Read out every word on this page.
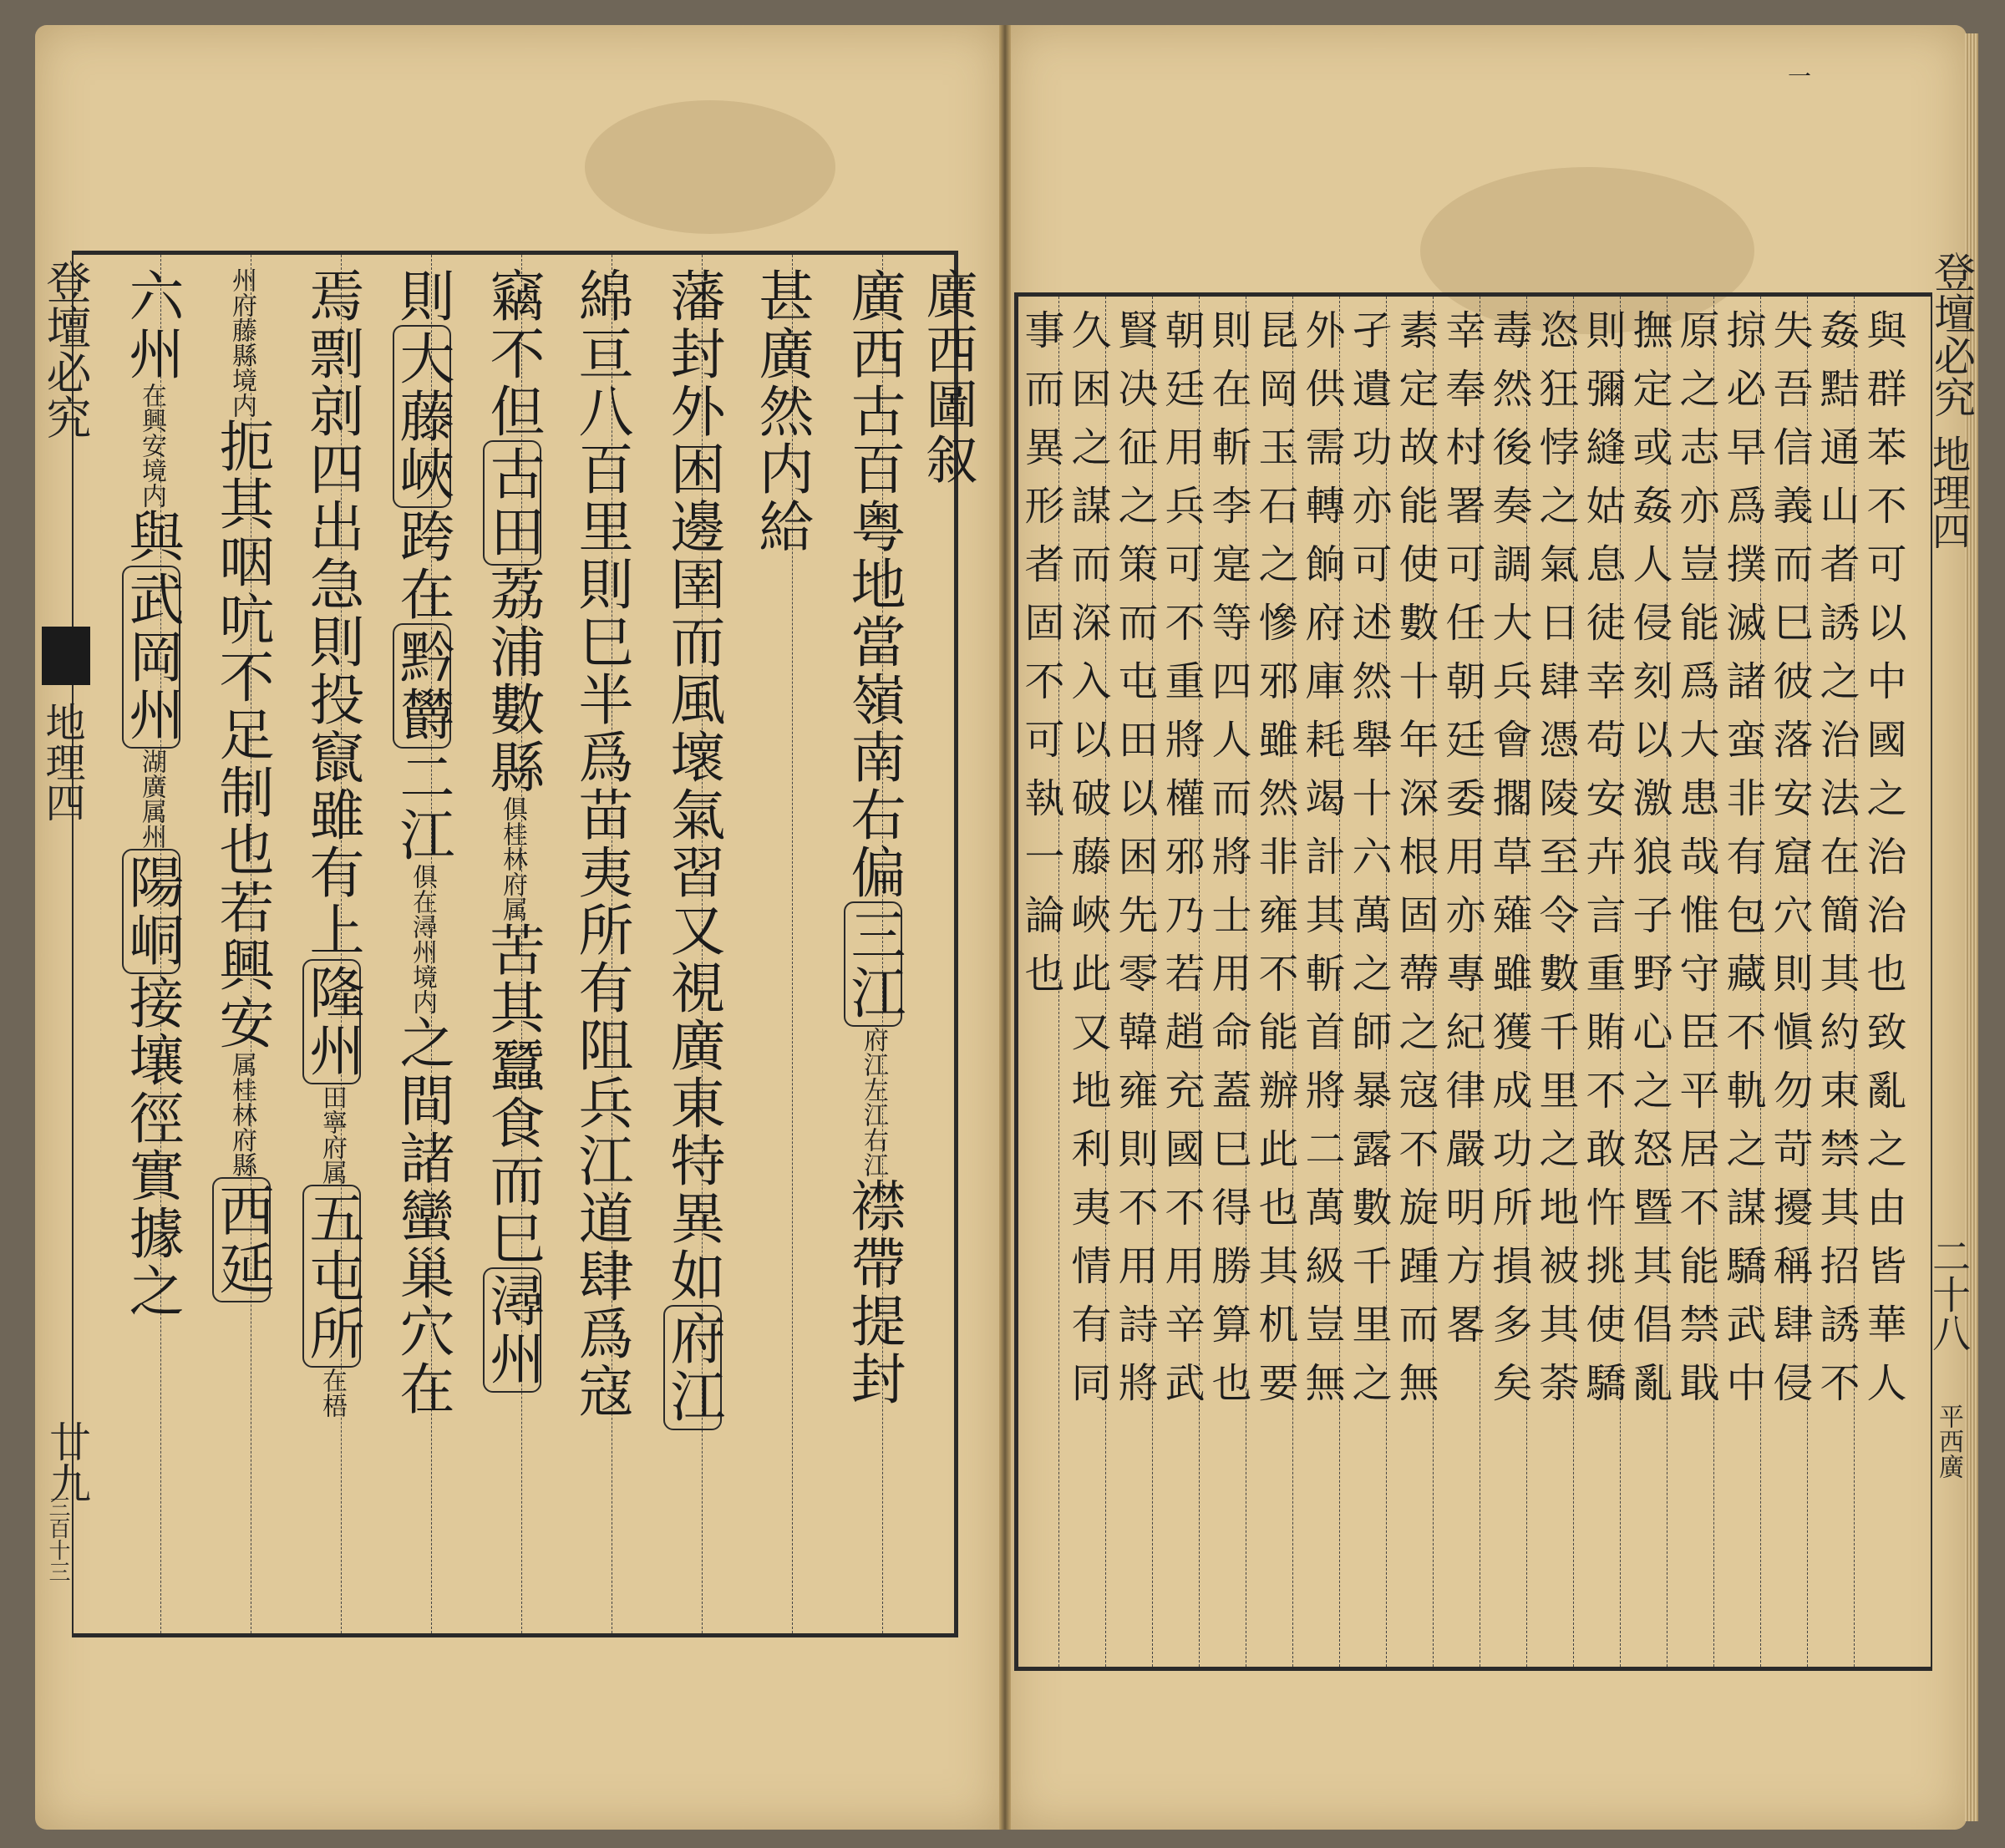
登壇必究
地理四
廿九
三百十三
廣西圖叙
廣西古百粤地當嶺南右偏三江府江左江右江襟帶提封
甚廣然内給
藩封外困邊圉而風壞氣習又視廣東特異如府江
綿亘八百里則巳半爲苗夷所有阻兵江道肆爲寇
竊不但古田荔浦數縣俱桂林府属苦其蠶食而巳潯州
則大藤峽跨在黔欝二江俱在潯州境内之間諸蠻巢穴在
焉剽剠四出急則投竄雖有上隆州田寧府属五屯所在梧
州府藤縣境内扼其咽吭不足制也若興安属桂林府縣西延
六州在興安境内與武岡州湖廣属州陽峒接壤徑實據之
登壇必究
地理四
二十八
平西廣
一
與群苯不可以中國之治治也致亂之由皆華人
姦黠通山者誘之治法在簡其約束禁其招誘不
失吾信義而巳彼落安窟穴則愼勿苛擾稱肆侵
掠必早爲撲滅諸蛮非有包藏不軌之謀驕武中
原之志亦豈能爲大患哉惟守臣平居不能禁戢
撫定或姦人侵刻以激狼子野心之怒暨其倡亂
則彌縫姑息徒幸苟安卉言重賄不敢忤挑使驕
恣狂悖之氣日肆憑陵至令數千里之地被其荼
毒然後奏調大兵會擱草薙雖獲成功所損多矣
幸奉村署可任朝廷委用亦專紀律嚴明方畧
素定故能使數十年深根固蔕之寇不旋踵而無
孑遺功亦可述然舉十六萬之師暴露數千里之
外供需轉餉府庫耗竭計其斬首將二萬級豈無
昆岡玉石之慘邪雖然非雍不能辦此也其机要
則在斬李寔等四人而將士用命蓋巳得勝算也
朝廷用兵可不重將權邪乃若趙充國不用辛武
賢决征之策而屯田以困先零韓雍則不用詩將
久困之謀而深入以破藤峽此又地利夷情有同
事而異形者固不可執一論也
